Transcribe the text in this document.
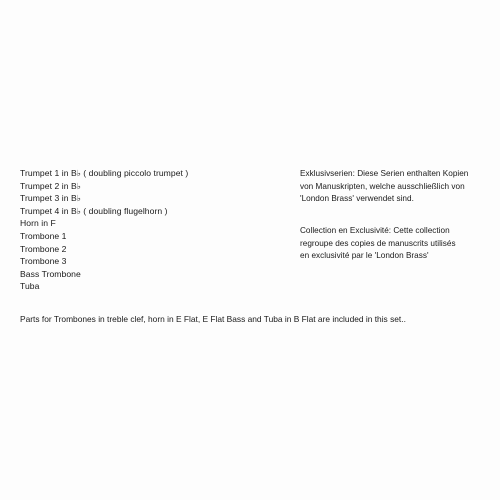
Trumpet 1 in B♭ ( doubling piccolo trumpet )
Trumpet 2 in B♭
Trumpet 3 in B♭
Trumpet 4 in B♭ ( doubling flugelhorn )
Horn in F
Trombone 1
Trombone 2
Trombone 3
Bass Trombone
Tuba
Exklusivserien: Diese Serien enthalten Kopien
von Manuskripten, welche ausschließlich von
'London Brass' verwendet sind.
Collection en Exclusivité: Cette collection
regroupe des copies de manuscrits utilisés
en exclusivité par le 'London Brass'
Parts for Trombones in treble clef, horn in E Flat, E Flat Bass and Tuba in B Flat are included in this set..
